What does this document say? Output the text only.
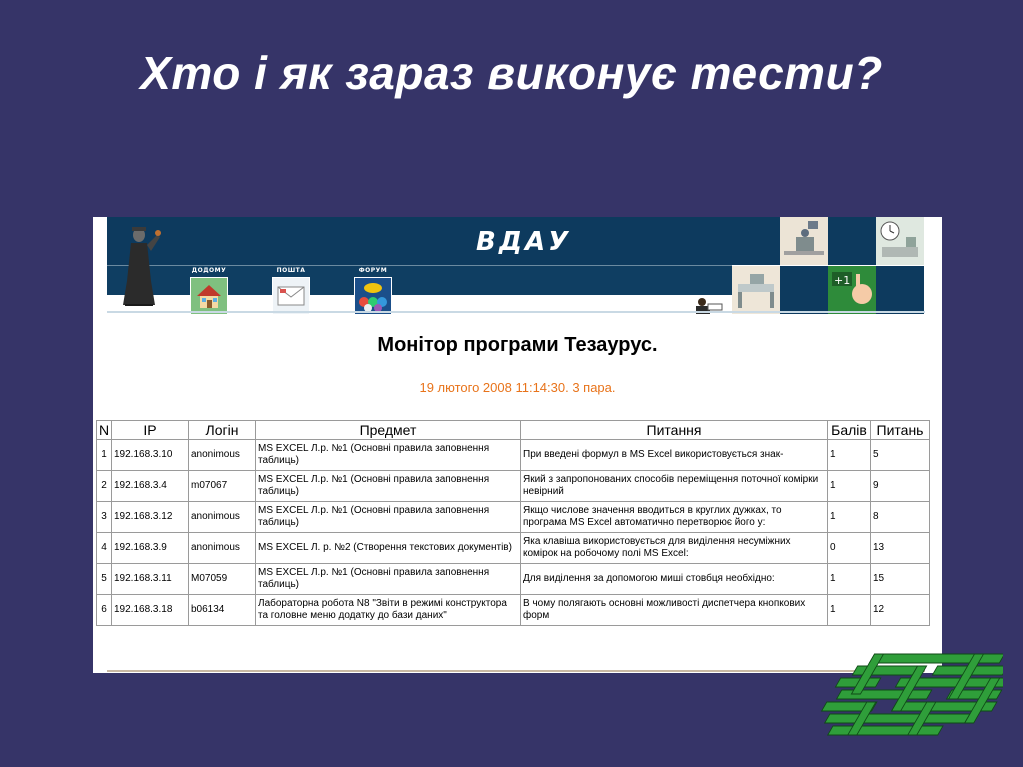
Хто і як зараз виконує тести?
ВДАУ
ДОДОМУ	ПОШТА	ФОРУМ
+1
Монітор програми Тезаурус.
19 лютого 2008 11:14:30. 3 пара.
N	IP	Логін	Предмет	Питання	Балів	Питань
1	192.168.3.10	anonimous	MS EXCEL Л.р. №1 (Основні правила заповнення таблиць)	При введені формул в MS Excel використовується знак-	1	5
2	192.168.3.4	m07067	MS EXCEL Л.р. №1 (Основні правила заповнення таблиць)	Який з запропонованих способів переміщення поточної комірки невірний	1	9
3	192.168.3.12	anonimous	MS EXCEL Л.р. №1 (Основні правила заповнення таблиць)	Якщо числове значення вводиться в круглих дужках, то програма MS Excel автоматично перетворює його у:	1	8
4	192.168.3.9	anonimous	MS EXCEL Л. р. №2 (Створення текстових документів)	Яка клавіша використовується для виділення несуміжних комірок на робочому полі MS Excel:	0	13
5	192.168.3.11	M07059	MS EXCEL Л.р. №1 (Основні правила заповнення таблиць)	Для виділення за допомогою миші стовбця необхідно:	1	15
6	192.168.3.18	b06134	Лабораторна робота N8 "Звіти в режимі конструктора та головне меню додатку до бази даних"	В чому полягають основні можливості диспетчера кнопкових форм	1	12
